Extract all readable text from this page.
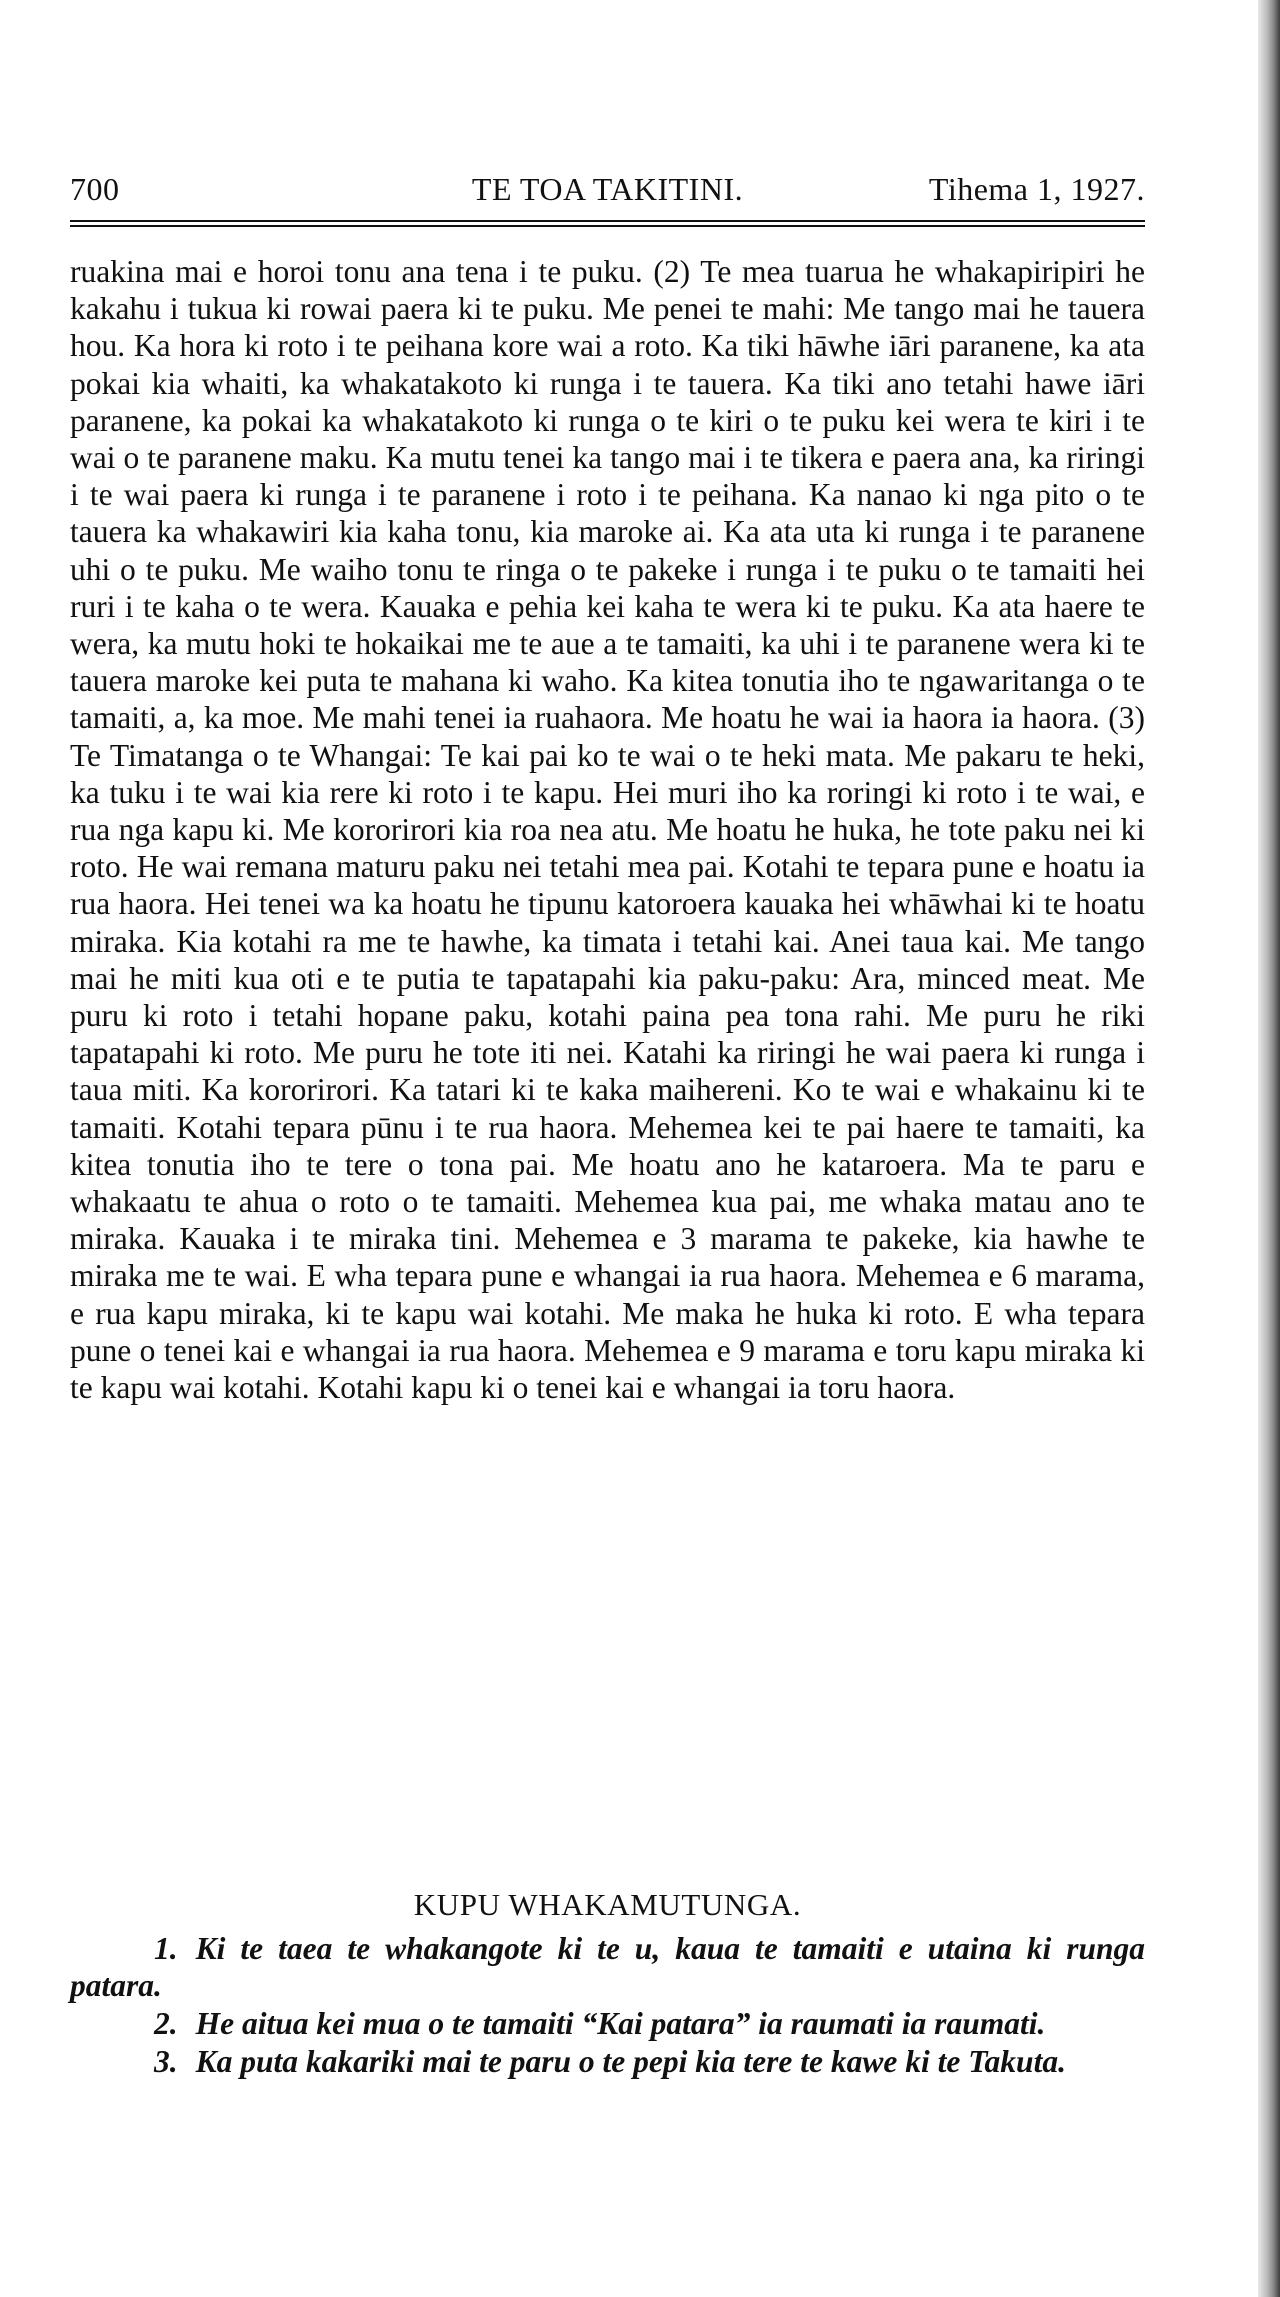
700	TE TOA TAKITINI.	Tihema 1, 1927.

ruakina mai e horoi tonu ana tena i te puku. (2) Te mea tuarua he whakapiripiri he kakahu i tukua ki rowai paera ki te puku. Me penei te mahi: Me tango mai he tauera hou. Ka hora ki roto i te peihana kore wai a roto. Ka tiki hāwhe iāri paranene, ka ata pokai kia whaiti, ka whakatakoto ki runga i te tauera. Ka tiki ano tetahi hawe iāri paranene, ka pokai ka whakatakoto ki runga o te kiri o te puku kei wera te kiri i te wai o te paranene maku. Ka mutu tenei ka tango mai i te tikera e paera ana, ka riringi i te wai paera ki runga i te paranene i roto i te peihana. Ka nanao ki nga pito o te tauera ka whakawiri kia kaha tonu, kia maroke ai. Ka ata uta ki runga i te paranene uhi o te puku. Me waiho tonu te ringa o te pakeke i runga i te puku o te tamaiti hei ruri i te kaha o te wera. Kauaka e pehia kei kaha te wera ki te puku. Ka ata haere te wera, ka mutu hoki te hokaikai me te aue a te tamaiti, ka uhi i te paranene wera ki te tauera maroke kei puta te mahana ki waho. Ka kitea tonutia iho te ngawaritanga o te tamaiti, a, ka moe. Me mahi tenei ia ruahaora. Me hoatu he wai ia haora ia haora. (3) Te Timatanga o te Whangai: Te kai pai ko te wai o te heki mata. Me pakaru te heki, ka tuku i te wai kia rere ki roto i te kapu. Hei muri iho ka roringi ki roto i te wai, e rua nga kapu ki. Me kororirori kia roa nea atu. Me hoatu he huka, he tote paku nei ki roto. He wai remana maturu paku nei tetahi mea pai. Kotahi te tepara pune e hoatu ia rua haora. Hei tenei wa ka hoatu he tipunu katoroera kauaka hei whāwhai ki te hoatu miraka. Kia kotahi ra me te hawhe, ka timata i tetahi kai. Anei taua kai. Me tango mai he miti kua oti e te putia te tapatapahi kia paku-paku: Ara, minced meat. Me puru ki roto i tetahi hopane paku, kotahi paina pea tona rahi. Me puru he riki tapatapahi ki roto. Me puru he tote iti nei. Katahi ka riringi he wai paera ki runga i taua miti. Ka kororirori. Ka tatari ki te kaka maihereni. Ko te wai e whakainu ki te tamaiti. Kotahi tepara pūnu i te rua haora. Mehemea kei te pai haere te tamaiti, ka kitea tonutia iho te tere o tona pai. Me hoatu ano he kataroera. Ma te paru e whakaatu te ahua o roto o te tamaiti. Mehemea kua pai, me whaka matau ano te miraka. Kauaka i te miraka tini. Mehemea e 3 marama te pakeke, kia hawhe te miraka me te wai. E wha tepara pune e whangai ia rua haora. Mehemea e 6 marama, e rua kapu miraka, ki te kapu wai kotahi. Me maka he huka ki roto. E wha tepara pune o tenei kai e whangai ia rua haora. Mehemea e 9 marama e toru kapu miraka ki te kapu wai kotahi. Kotahi kapu ki o tenei kai e whangai ia toru haora.

KUPU WHAKAMUTUNGA.
1. Ki te taea te whakangote ki te u, kaua te tamaiti e utaina ki runga patara.
2. He aitua kei mua o te tamaiti “Kai patara” ia raumati ia raumati.
3. Ka puta kakariki mai te paru o te pepi kia tere te kawe ki te Takuta.
